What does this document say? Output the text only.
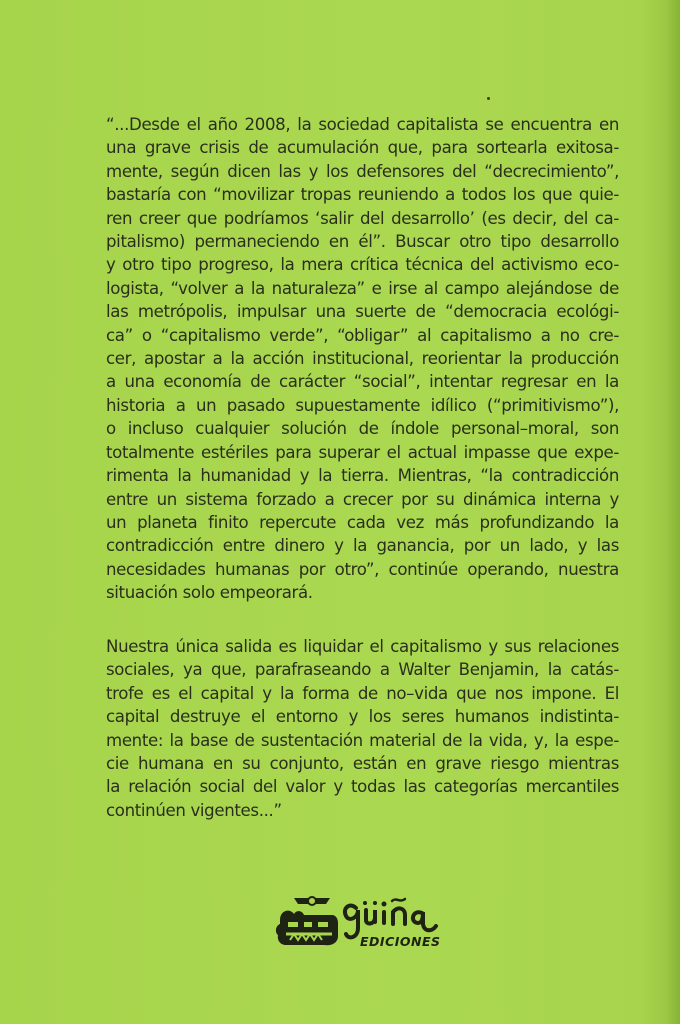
“...Desde el año 2008, la sociedad capitalista se encuentra en
una grave crisis de acumulación que, para sortearla exitosa-
mente, según dicen las y los defensores del “decrecimiento”,
bastaría con “movilizar tropas reuniendo a todos los que quie-
ren creer que podríamos ‘salir del desarrollo’ (es decir, del ca-
pitalismo) permaneciendo en él”. Buscar otro tipo desarrollo
y otro tipo progreso, la mera crítica técnica del activismo eco-
logista, “volver a la naturaleza” e irse al campo alejándose de
las metrópolis, impulsar una suerte de “democracia ecológi-
ca” o “capitalismo verde”, “obligar” al capitalismo a no cre-
cer, apostar a la acción institucional, reorientar la producción
a una economía de carácter “social”, intentar regresar en la
historia a un pasado supuestamente idílico (“primitivismo”),
o incluso cualquier solución de índole personal–moral, son
totalmente estériles para superar el actual impasse que expe-
rimenta la humanidad y la tierra. Mientras, “la contradicción
entre un sistema forzado a crecer por su dinámica interna y
un planeta finito repercute cada vez más profundizando la
contradicción entre dinero y la ganancia, por un lado, y las
necesidades humanas por otro”, continúe operando, nuestra
situación solo empeorará.
Nuestra única salida es liquidar el capitalismo y sus relaciones
sociales, ya que, parafraseando a Walter Benjamin, la catás-
trofe es el capital y la forma de no–vida que nos impone. El
capital destruye el entorno y los seres humanos indistinta-
mente: la base de sustentación material de la vida, y, la espe-
cie humana en su conjunto, están en grave riesgo mientras
la relación social del valor y todas las categorías mercantiles
continúen vigentes...”
EDICIONES
